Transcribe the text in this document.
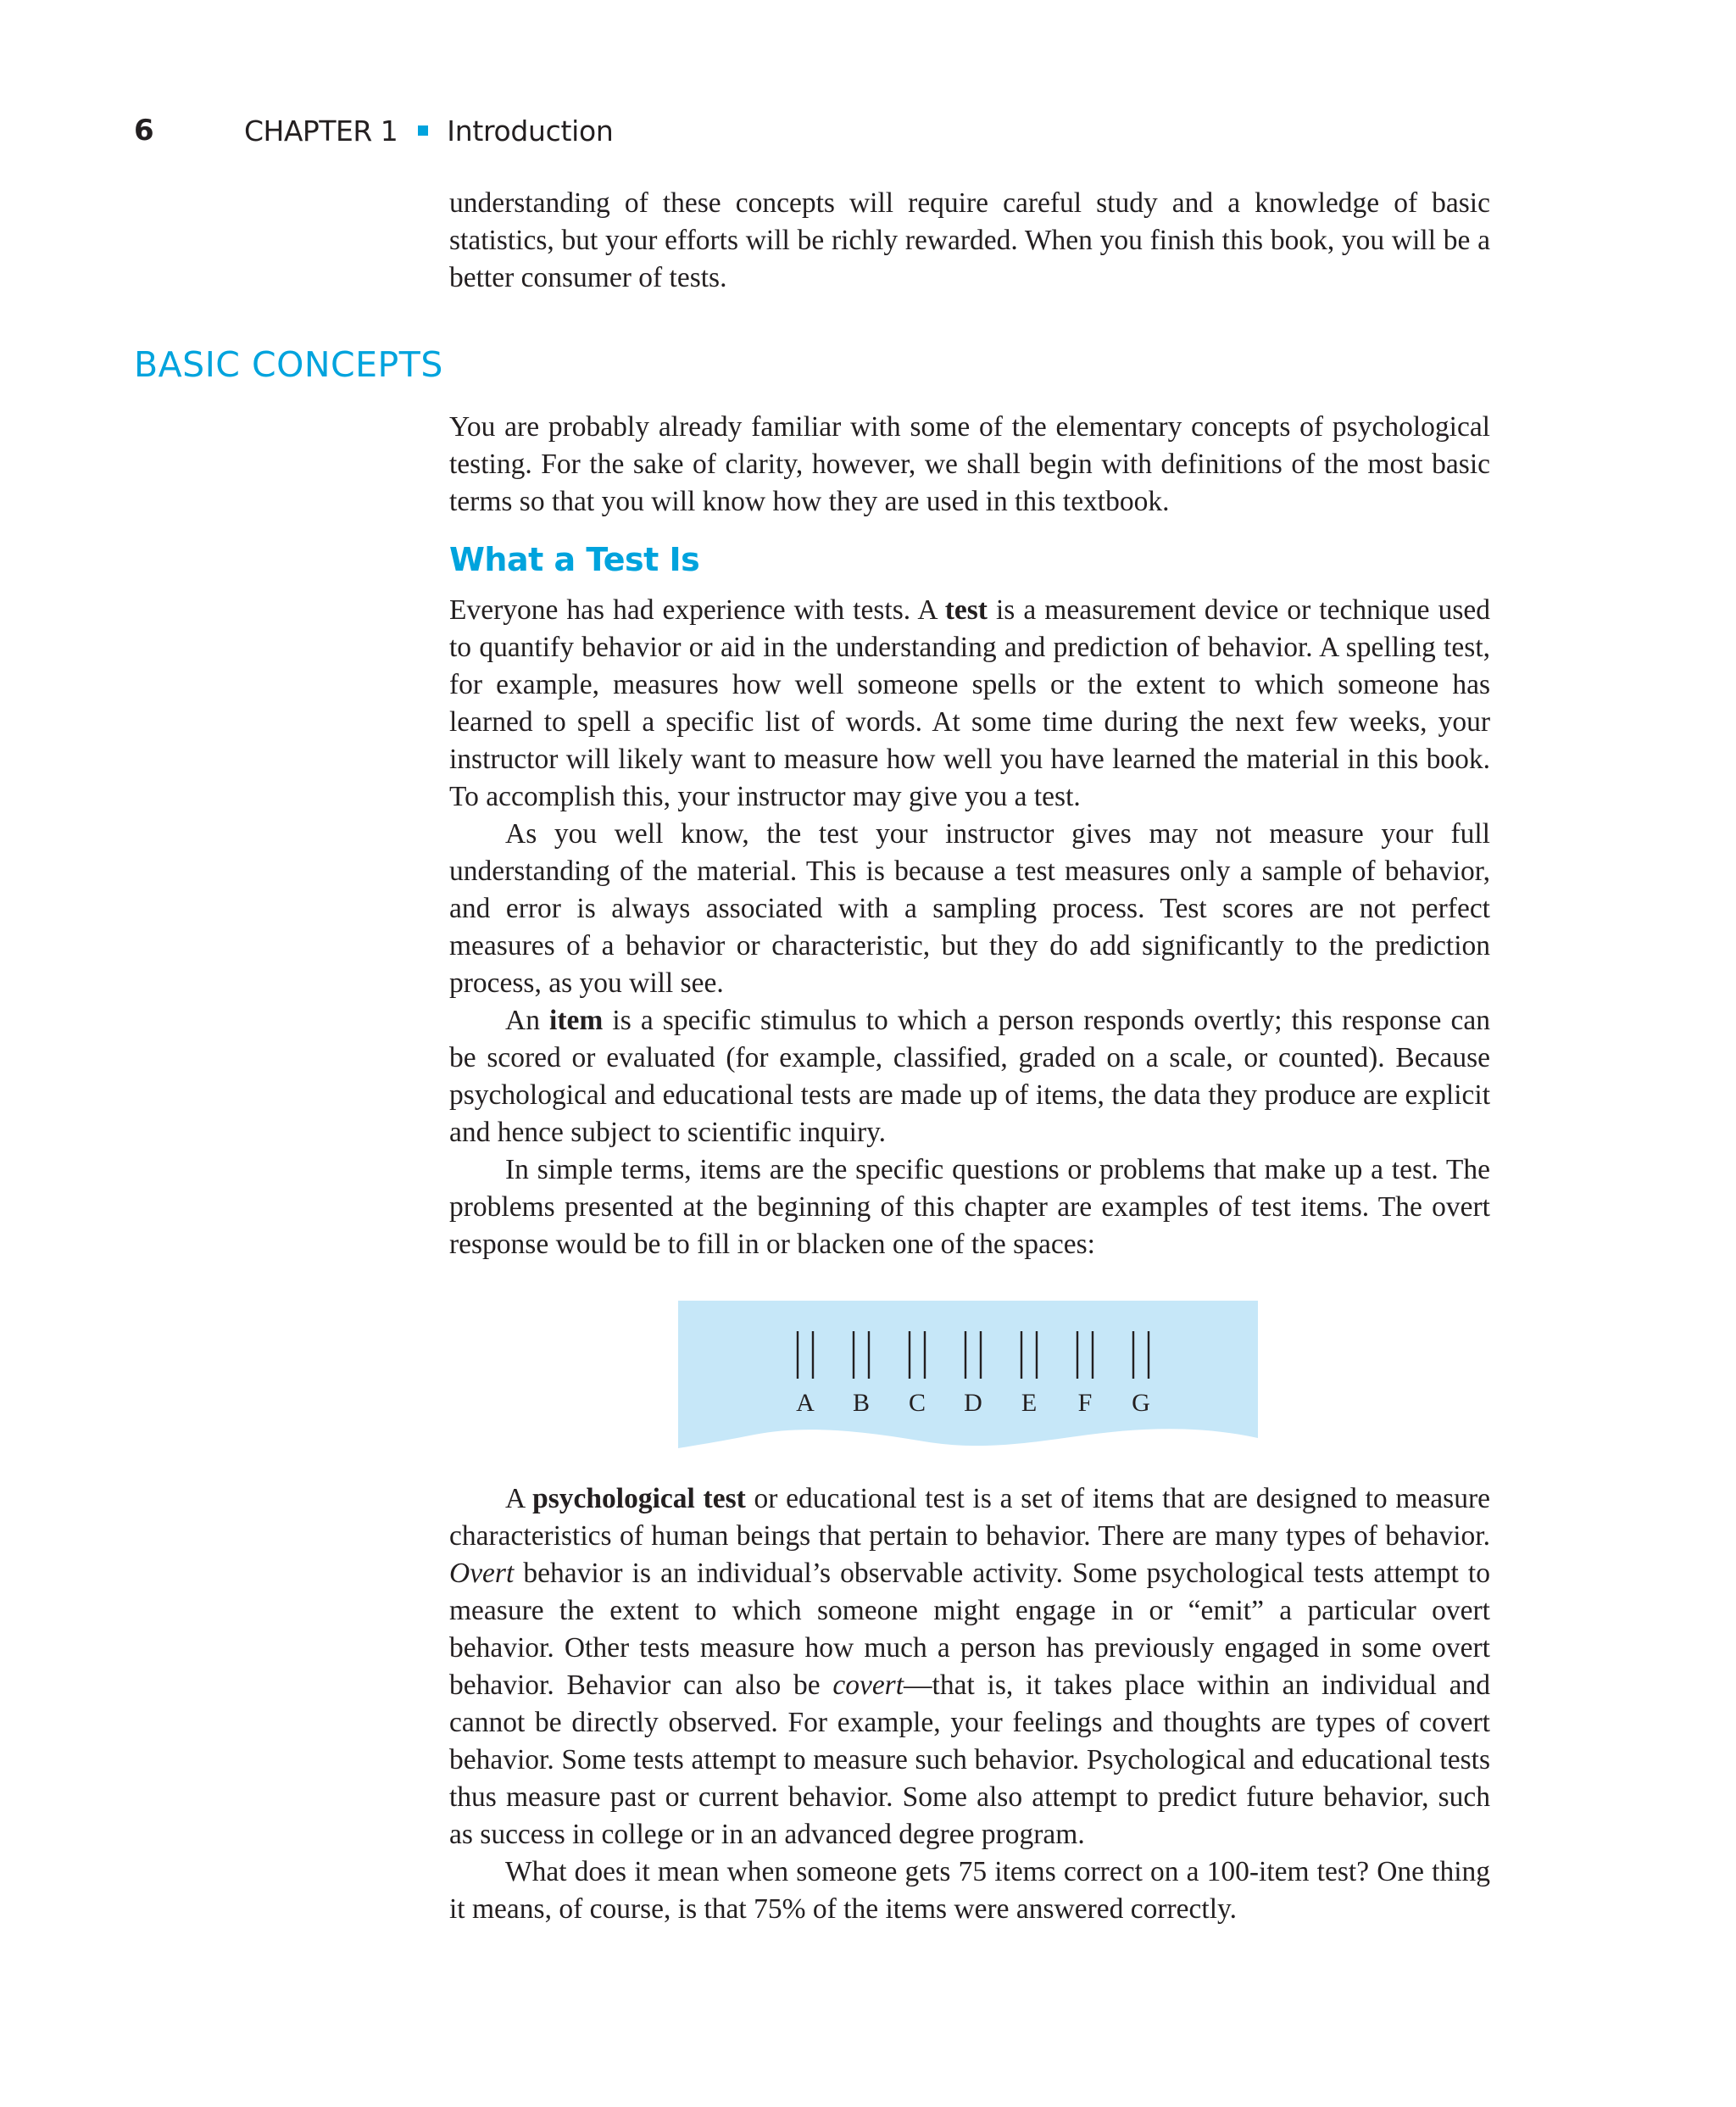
6	CHAPTER 1 Introduction

understanding of these concepts will require careful study and a knowledge of basic statistics, but your efforts will be richly rewarded. When you finish this book, you will be a better consumer of tests.

BASIC CONCEPTS

You are probably already familiar with some of the elementary concepts of psychological testing. For the sake of clarity, however, we shall begin with definitions of the most basic terms so that you will know how they are used in this textbook.

What a Test Is

Everyone has had experience with tests. A test is a measurement device or technique used to quantify behavior or aid in the understanding and prediction of behavior. A spelling test, for example, measures how well someone spells or the extent to which someone has learned to spell a specific list of words. At some time during the next few weeks, your instructor will likely want to measure how well you have learned the material in this book. To accomplish this, your instructor may give you a test.

As you well know, the test your instructor gives may not measure your full understanding of the material. This is because a test measures only a sample of behavior, and error is always associated with a sampling process. Test scores are not perfect measures of a behavior or characteristic, but they do add significantly to the prediction process, as you will see.

An item is a specific stimulus to which a person responds overtly; this response can be scored or evaluated (for example, classified, graded on a scale, or counted). Because psychological and educational tests are made up of items, the data they produce are explicit and hence subject to scientific inquiry.

In simple terms, items are the specific questions or problems that make up a test. The problems presented at the beginning of this chapter are examples of test items. The overt response would be to fill in or blacken one of the spaces:

A B C D E F G

A psychological test or educational test is a set of items that are designed to measure characteristics of human beings that pertain to behavior. There are many types of behavior. Overt behavior is an individual’s observable activity. Some psychological tests attempt to measure the extent to which someone might engage in or “emit” a particular overt behavior. Other tests measure how much a person has previously engaged in some overt behavior. Behavior can also be covert—that is, it takes place within an individual and cannot be directly observed. For example, your feelings and thoughts are types of covert behavior. Some tests attempt to measure such behavior. Psychological and educational tests thus measure past or current behavior. Some also attempt to predict future behavior, such as success in college or in an advanced degree program.

What does it mean when someone gets 75 items correct on a 100-item test? One thing it means, of course, is that 75% of the items were answered correctly.
